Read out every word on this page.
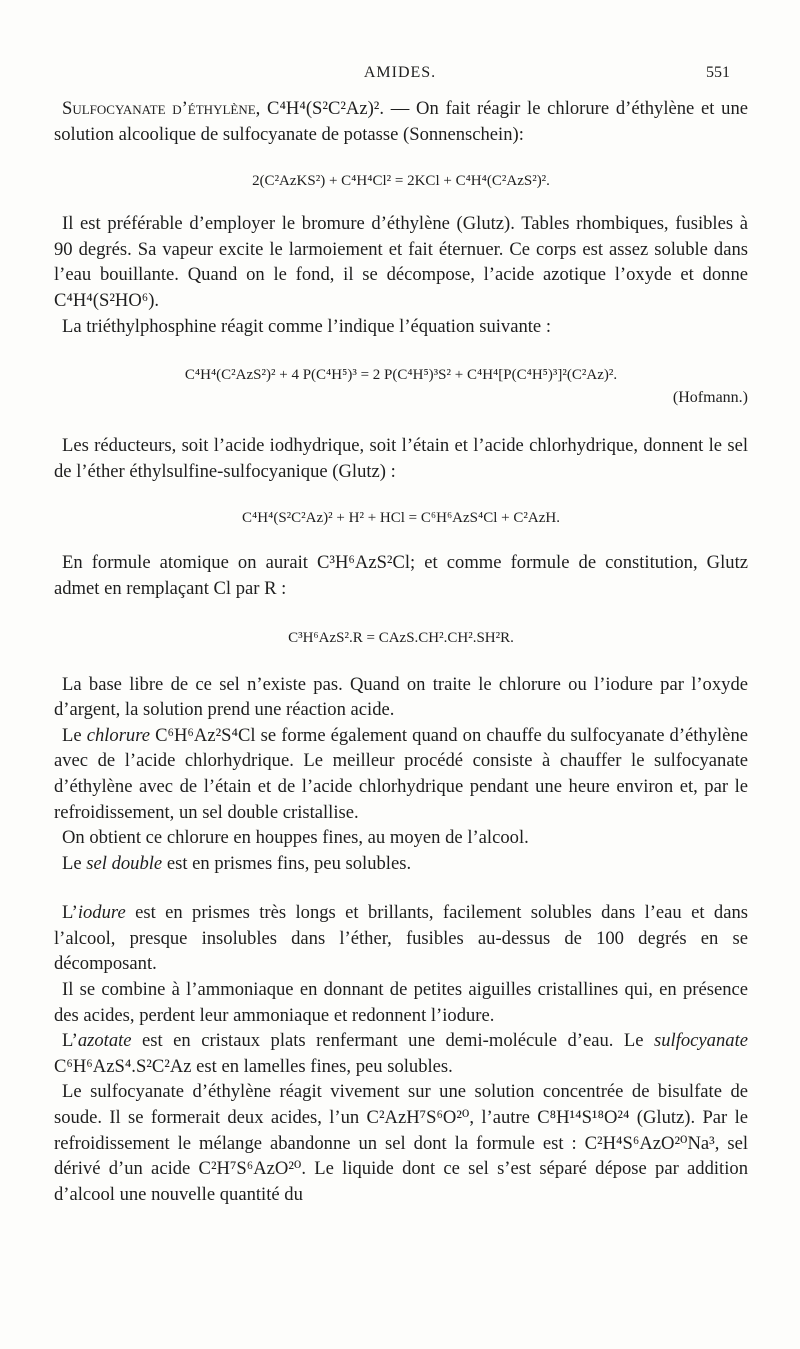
AMIDES.	551

Sulfocyanate d’éthylène, C⁴H⁴(S²C²Az)². — On fait réagir le chlorure d’éthylène et une solution alcoolique de sulfocyanate de potasse (Sonnenschein):

2(C²AzKS²) + C⁴H⁴Cl² = 2KCl + C⁴H⁴(C²AzS²)².

Il est préférable d’employer le bromure d’éthylène (Glutz). Tables rhombiques, fusibles à 90 degrés. Sa vapeur excite le larmoiement et fait éternuer. Ce corps est assez soluble dans l’eau bouillante. Quand on le fond, il se décompose, l’acide azotique l’oxyde et donne C⁴H⁴(S²HO⁶).

La triéthylphosphine réagit comme l’indique l’équation suivante :

C⁴H⁴(C²AzS²)² + 4 P(C⁴H⁵)³ = 2 P(C⁴H⁵)³S² + C⁴H⁴[P(C⁴H⁵)³]²(C²Az)².
(Hofmann.)

Les réducteurs, soit l’acide iodhydrique, soit l’étain et l’acide chlorhydrique, donnent le sel de l’éther éthylsulfine-sulfocyanique (Glutz) :

C⁴H⁴(S²C²Az)² + H² + HCl = C⁶H⁶AzS⁴Cl + C²AzH.

En formule atomique on aurait C³H⁶AzS²Cl; et comme formule de constitution, Glutz admet en remplaçant Cl par R :

C³H⁶AzS².R = CAzS.CH².CH².SH²R.

La base libre de ce sel n’existe pas. Quand on traite le chlorure ou l’iodure par l’oxyde d’argent, la solution prend une réaction acide.

Le chlorure C⁶H⁶Az²S⁴Cl se forme également quand on chauffe du sulfocyanate d’éthylène avec de l’acide chlorhydrique. Le meilleur procédé consiste à chauffer le sulfocyanate d’éthylène avec de l’étain et de l’acide chlorhydrique pendant une heure environ et, par le refroidissement, un sel double cristallise.

On obtient ce chlorure en houppes fines, au moyen de l’alcool.

Le sel double est en prismes fins, peu solubles.

L’iodure est en prismes très longs et brillants, facilement solubles dans l’eau et dans l’alcool, presque insolubles dans l’éther, fusibles au-dessus de 100 degrés en se décomposant.

Il se combine à l’ammoniaque en donnant de petites aiguilles cristallines qui, en présence des acides, perdent leur ammoniaque et redonnent l’iodure.

L’azotate est en cristaux plats renfermant une demi-molécule d’eau. Le sulfocyanate C⁶H⁶AzS⁴.S²C²Az est en lamelles fines, peu solubles.

Le sulfocyanate d’éthylène réagit vivement sur une solution concentrée de bisulfate de soude. Il se formerait deux acides, l’un C²AzH⁷S⁶O²⁰, l’autre C⁸H¹⁴S¹⁸O²⁴ (Glutz). Par le refroidissement le mélange abandonne un sel dont la formule est : C²H⁴S⁶AzO²⁰Na³, sel dérivé d’un acide C²H⁷S⁶AzO²⁰. Le liquide dont ce sel s’est séparé dépose par addition d’alcool une nouvelle quantité du
